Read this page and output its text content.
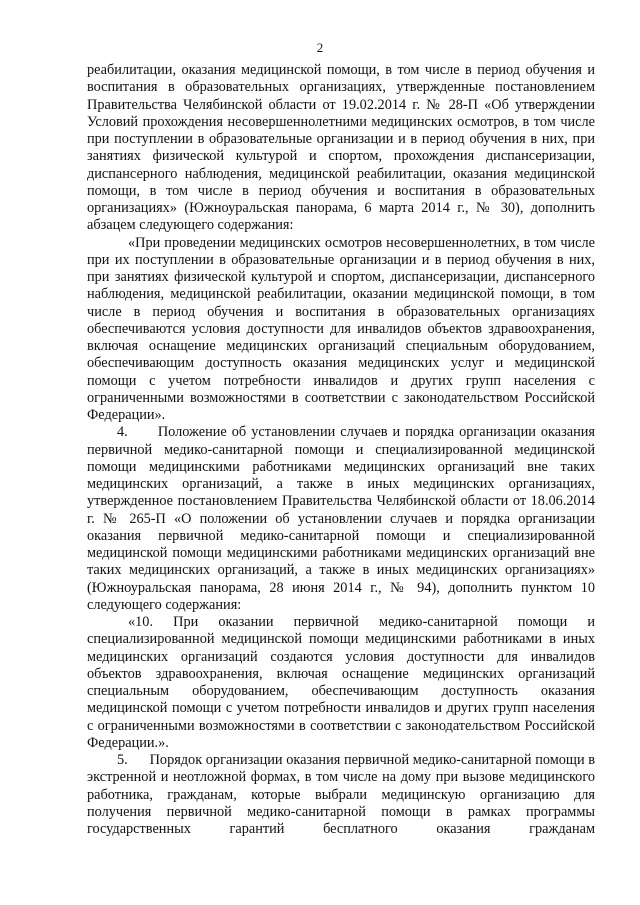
2

реабилитации, оказания медицинской помощи, в том числе в период обучения и воспитания в образовательных организациях, утвержденные постановлением Правительства Челябинской области от 19.02.2014 г. № 28-П «Об утверждении Условий прохождения несовершеннолетними медицинских осмотров, в том числе при поступлении в образовательные организации и в период обучения в них, при занятиях физической культурой и спортом, прохождения диспансеризации, диспансерного наблюдения, медицинской реабилитации, оказания медицинской помощи, в том числе в период обучения и воспитания в образовательных организациях» (Южноуральская панорама, 6 марта 2014 г., № 30), дополнить абзацем следующего содержания:

«При проведении медицинских осмотров несовершеннолетних, в том числе при их поступлении в образовательные организации и в период обучения в них, при занятиях физической культурой и спортом, диспансеризации, диспансерного наблюдения, медицинской реабилитации, оказании медицинской помощи, в том числе в период обучения и воспитания в образовательных организациях обеспечиваются условия доступности для инвалидов объектов здравоохранения, включая оснащение медицинских организаций специальным оборудованием, обеспечивающим доступность оказания медицинских услуг и медицинской помощи с учетом потребности инвалидов и других групп населения с ограниченными возможностями в соответствии с законодательством Российской Федерации».

4.      Положение об установлении случаев и порядка организации оказания первичной медико-санитарной помощи и специализированной медицинской помощи медицинскими работниками медицинских организаций вне таких медицинских организаций, а также в иных медицинских организациях, утвержденное постановлением Правительства Челябинской области от 18.06.2014 г. № 265-П «О положении об установлении случаев и порядка организации оказания первичной медико-санитарной помощи и специализированной медицинской помощи медицинскими работниками медицинских организаций вне таких медицинских организаций, а также в иных медицинских организациях» (Южноуральская панорама, 28 июня 2014 г., № 94), дополнить пунктом 10 следующего содержания:

«10. При оказании первичной медико-санитарной помощи и специализированной медицинской помощи медицинскими работниками в иных медицинских организаций создаются условия доступности для инвалидов объектов здравоохранения, включая оснащение медицинских организаций специальным оборудованием, обеспечивающим доступность оказания медицинской помощи с учетом потребности инвалидов и других групп населения с ограниченными возможностями в соответствии с законодательством Российской Федерации.».

5.      Порядок организации оказания первичной медико-санитарной помощи в экстренной и неотложной формах, в том числе на дому при вызове медицинского работника, гражданам, которые выбрали медицинскую организацию для получения первичной медико-санитарной помощи в рамках программы государственных гарантий бесплатного оказания гражданам
